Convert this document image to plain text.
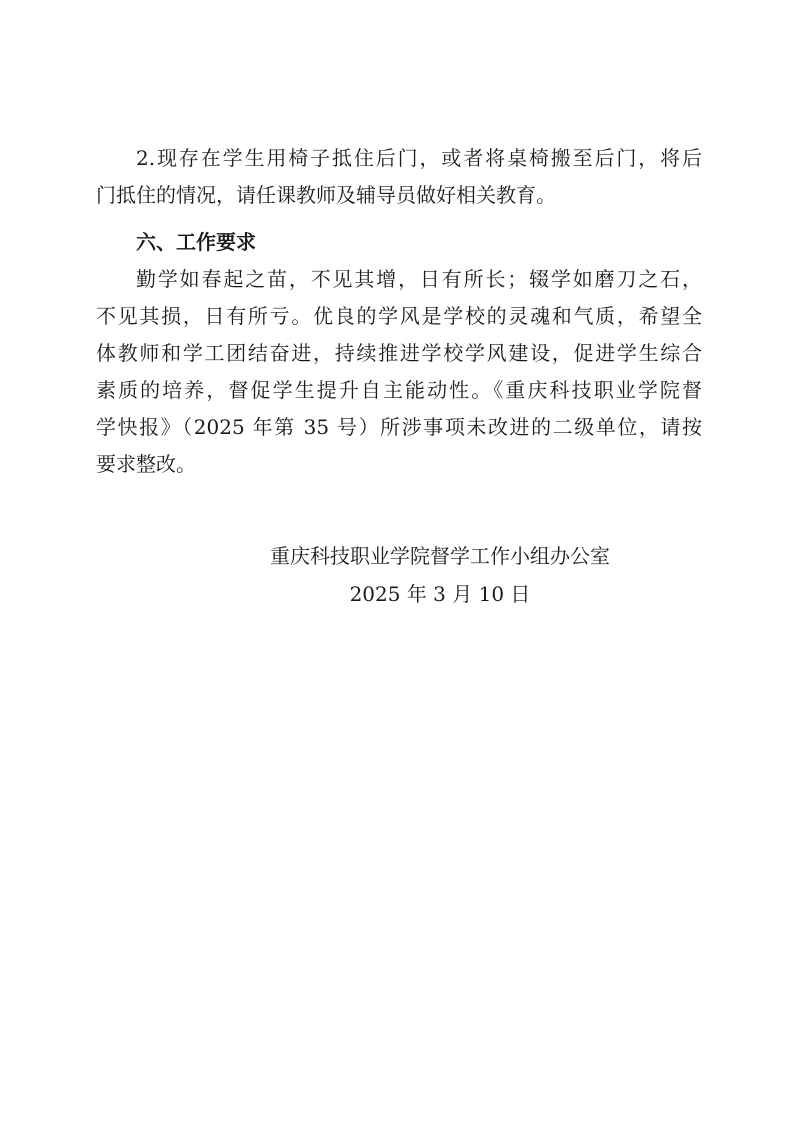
2.现存在学生用椅子抵住后门，或者将桌椅搬至后门，将后
门抵住的情况，请任课教师及辅导员做好相关教育。
六、工作要求
勤学如春起之苗，不见其增，日有所长；辍学如磨刀之石，
不见其损，日有所亏。优良的学风是学校的灵魂和气质，希望全
体教师和学工团结奋进，持续推进学校学风建设，促进学生综合
素质的培养，督促学生提升自主能动性。《重庆科技职业学院督
学快报》（2025 年第 35 号）所涉事项未改进的二级单位，请按
要求整改。
重庆科技职业学院督学工作小组办公室
2025 年 3 月 10 日
